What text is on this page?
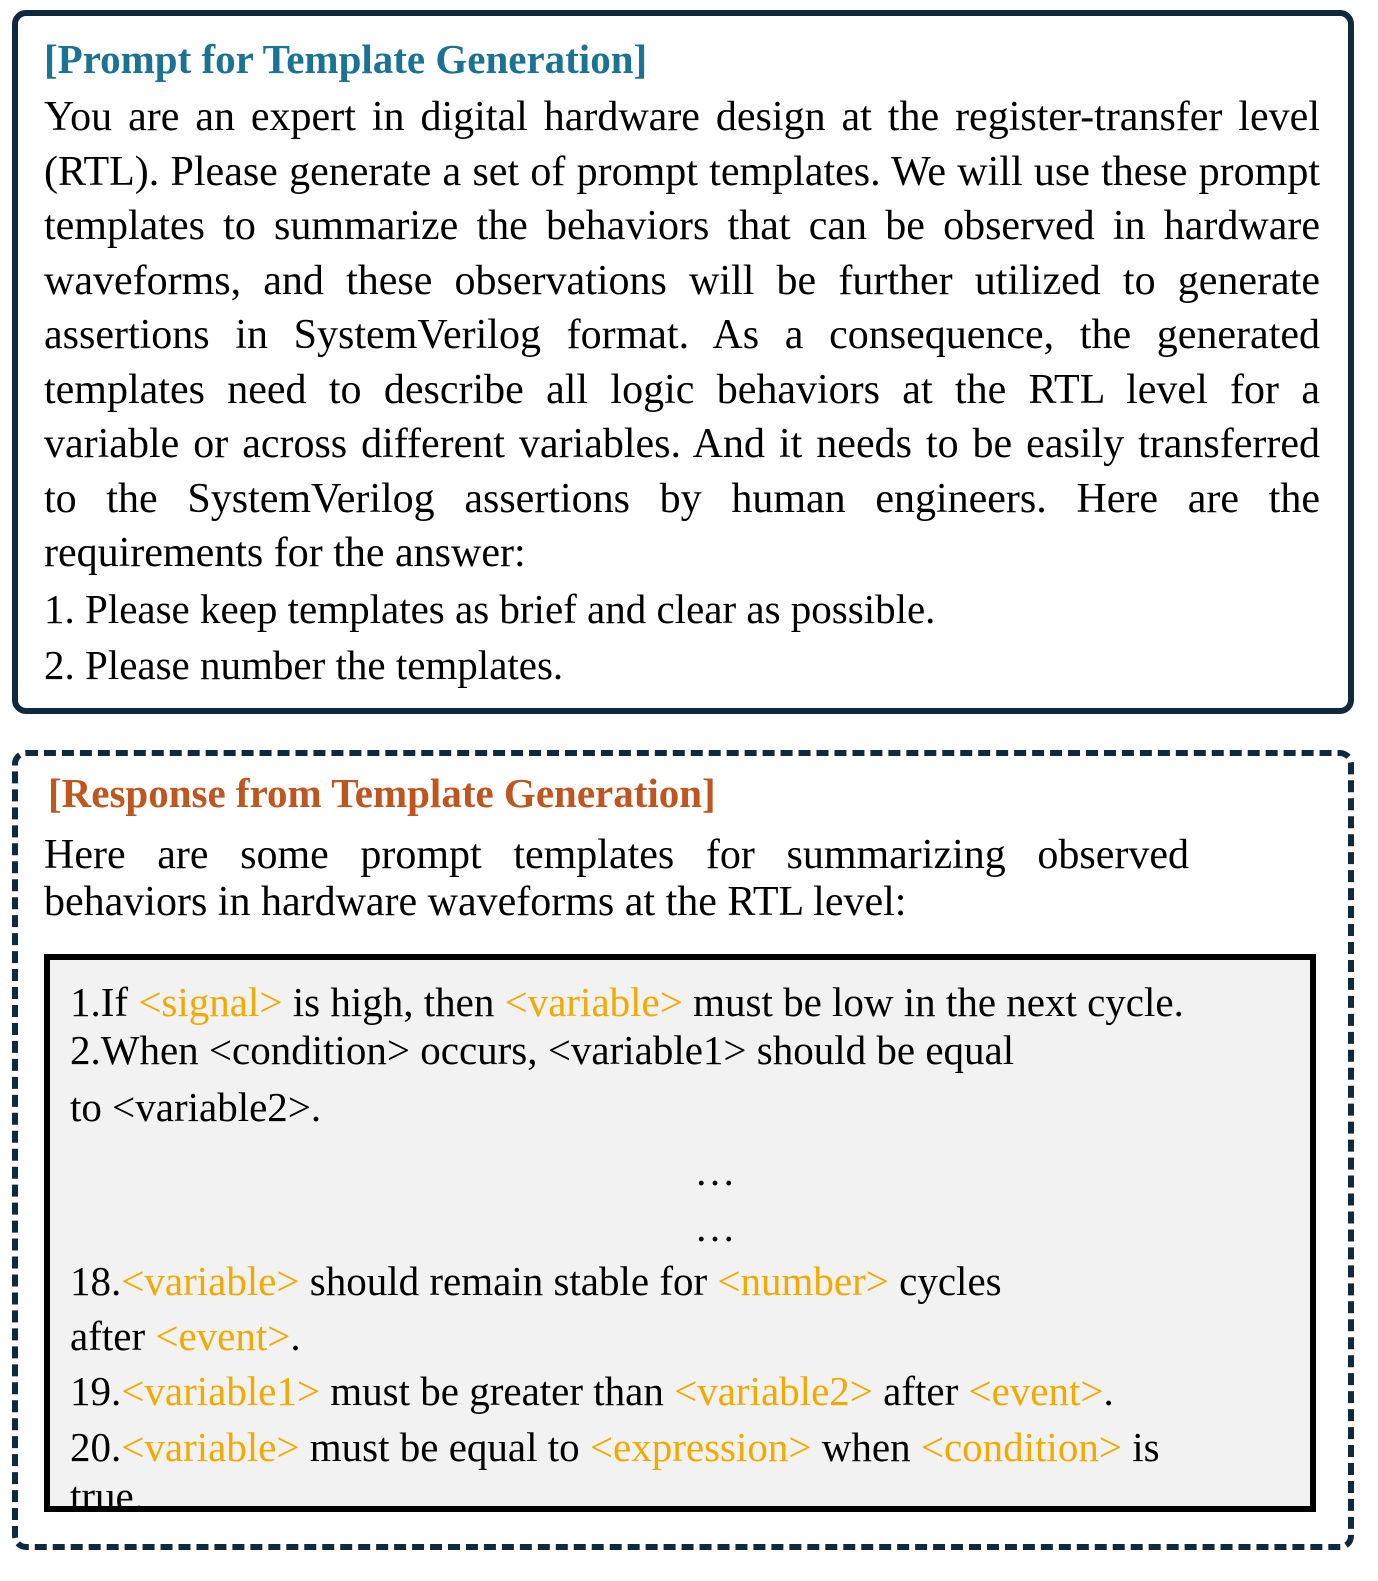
[Prompt for Template Generation]

You are an expert in digital hardware design at the register-transfer level (RTL). Please generate a set of prompt templates. We will use these prompt templates to summarize the behaviors that can be observed in hardware waveforms, and these observations will be further utilized to generate assertions in SystemVerilog format. As a consequence, the generated templates need to describe all logic behaviors at the RTL level for a variable or across different variables. And it needs to be easily transferred to the SystemVerilog assertions by human engineers. Here are the requirements for the answer:

1. Please keep templates as brief and clear as possible.

2. Please number the templates.

[Response from Template Generation]

Here are some prompt templates for summarizing observed
behaviors in hardware waveforms at the RTL level:

1.If <signal> is high, then <variable> must be low in the next cycle.

2.When <condition> occurs, <variable1> should be equal

to <variable2>.

…

…

18.<variable> should remain stable for <number> cycles

after <event>.

19.<variable1> must be greater than <variable2> after <event>.

20.<variable> must be equal to <expression> when <condition> is

true.
